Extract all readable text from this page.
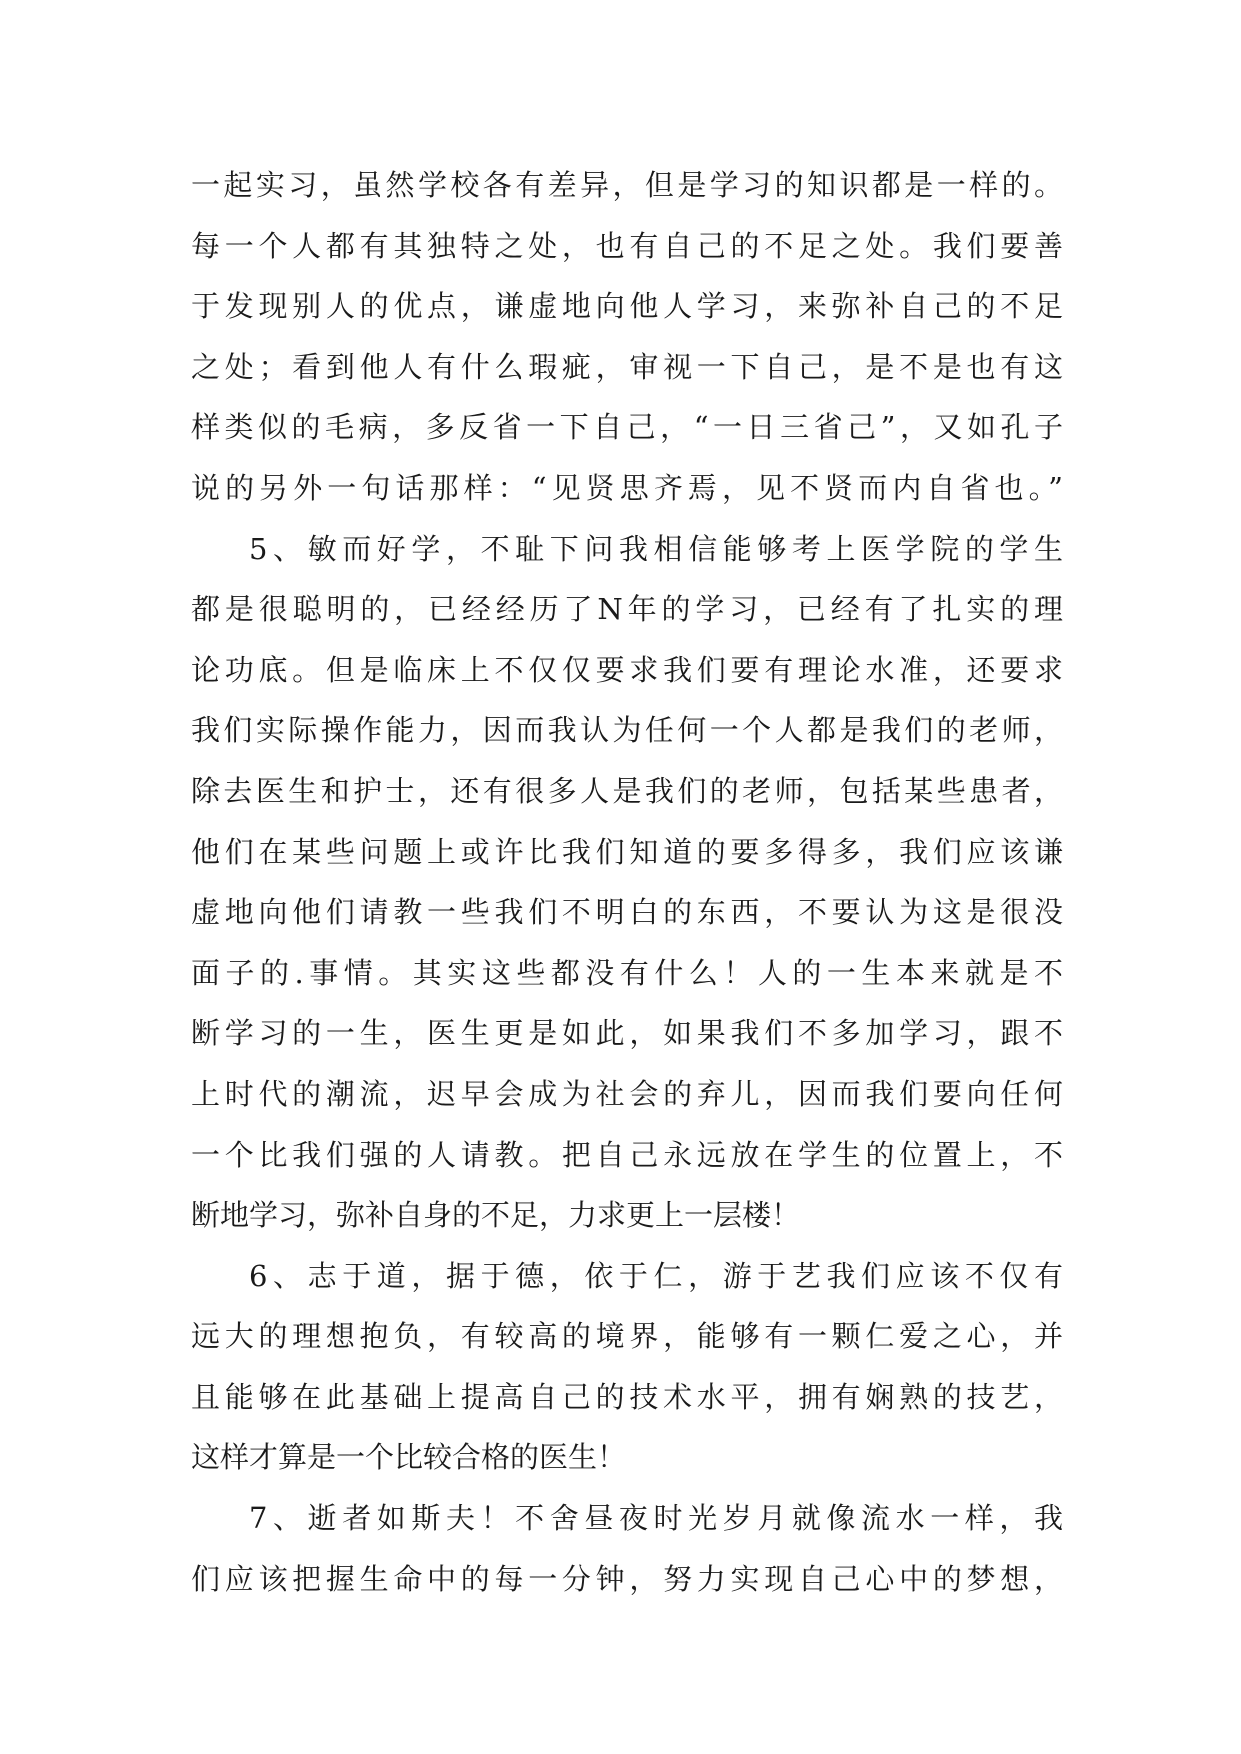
一起实习，虽然学校各有差异，但是学习的知识都是一样的。
每一个人都有其独特之处，也有自己的不足之处。我们要善
于发现别人的优点，谦虚地向他人学习，来弥补自己的不足
之处；看到他人有什么瑕疵，审视一下自己，是不是也有这
样类似的毛病，多反省一下自己，“一日三省己”，又如孔子
说的另外一句话那样：“见贤思齐焉，见不贤而内自省也。”
5、敏而好学，不耻下问我相信能够考上医学院的学生
都是很聪明的，已经经历了N年的学习，已经有了扎实的理
论功底。但是临床上不仅仅要求我们要有理论水准，还要求
我们实际操作能力，因而我认为任何一个人都是我们的老师，
除去医生和护士，还有很多人是我们的老师，包括某些患者，
他们在某些问题上或许比我们知道的要多得多，我们应该谦
虚地向他们请教一些我们不明白的东西，不要认为这是很没
面子的.事情。其实这些都没有什么！人的一生本来就是不
断学习的一生，医生更是如此，如果我们不多加学习，跟不
上时代的潮流，迟早会成为社会的弃儿，因而我们要向任何
一个比我们强的人请教。把自己永远放在学生的位置上，不
断地学习，弥补自身的不足，力求更上一层楼！
6、志于道，据于德，依于仁，游于艺我们应该不仅有
远大的理想抱负，有较高的境界，能够有一颗仁爱之心，并
且能够在此基础上提高自己的技术水平，拥有娴熟的技艺，
这样才算是一个比较合格的医生！
7、逝者如斯夫！不舍昼夜时光岁月就像流水一样，我
们应该把握生命中的每一分钟，努力实现自己心中的梦想，
